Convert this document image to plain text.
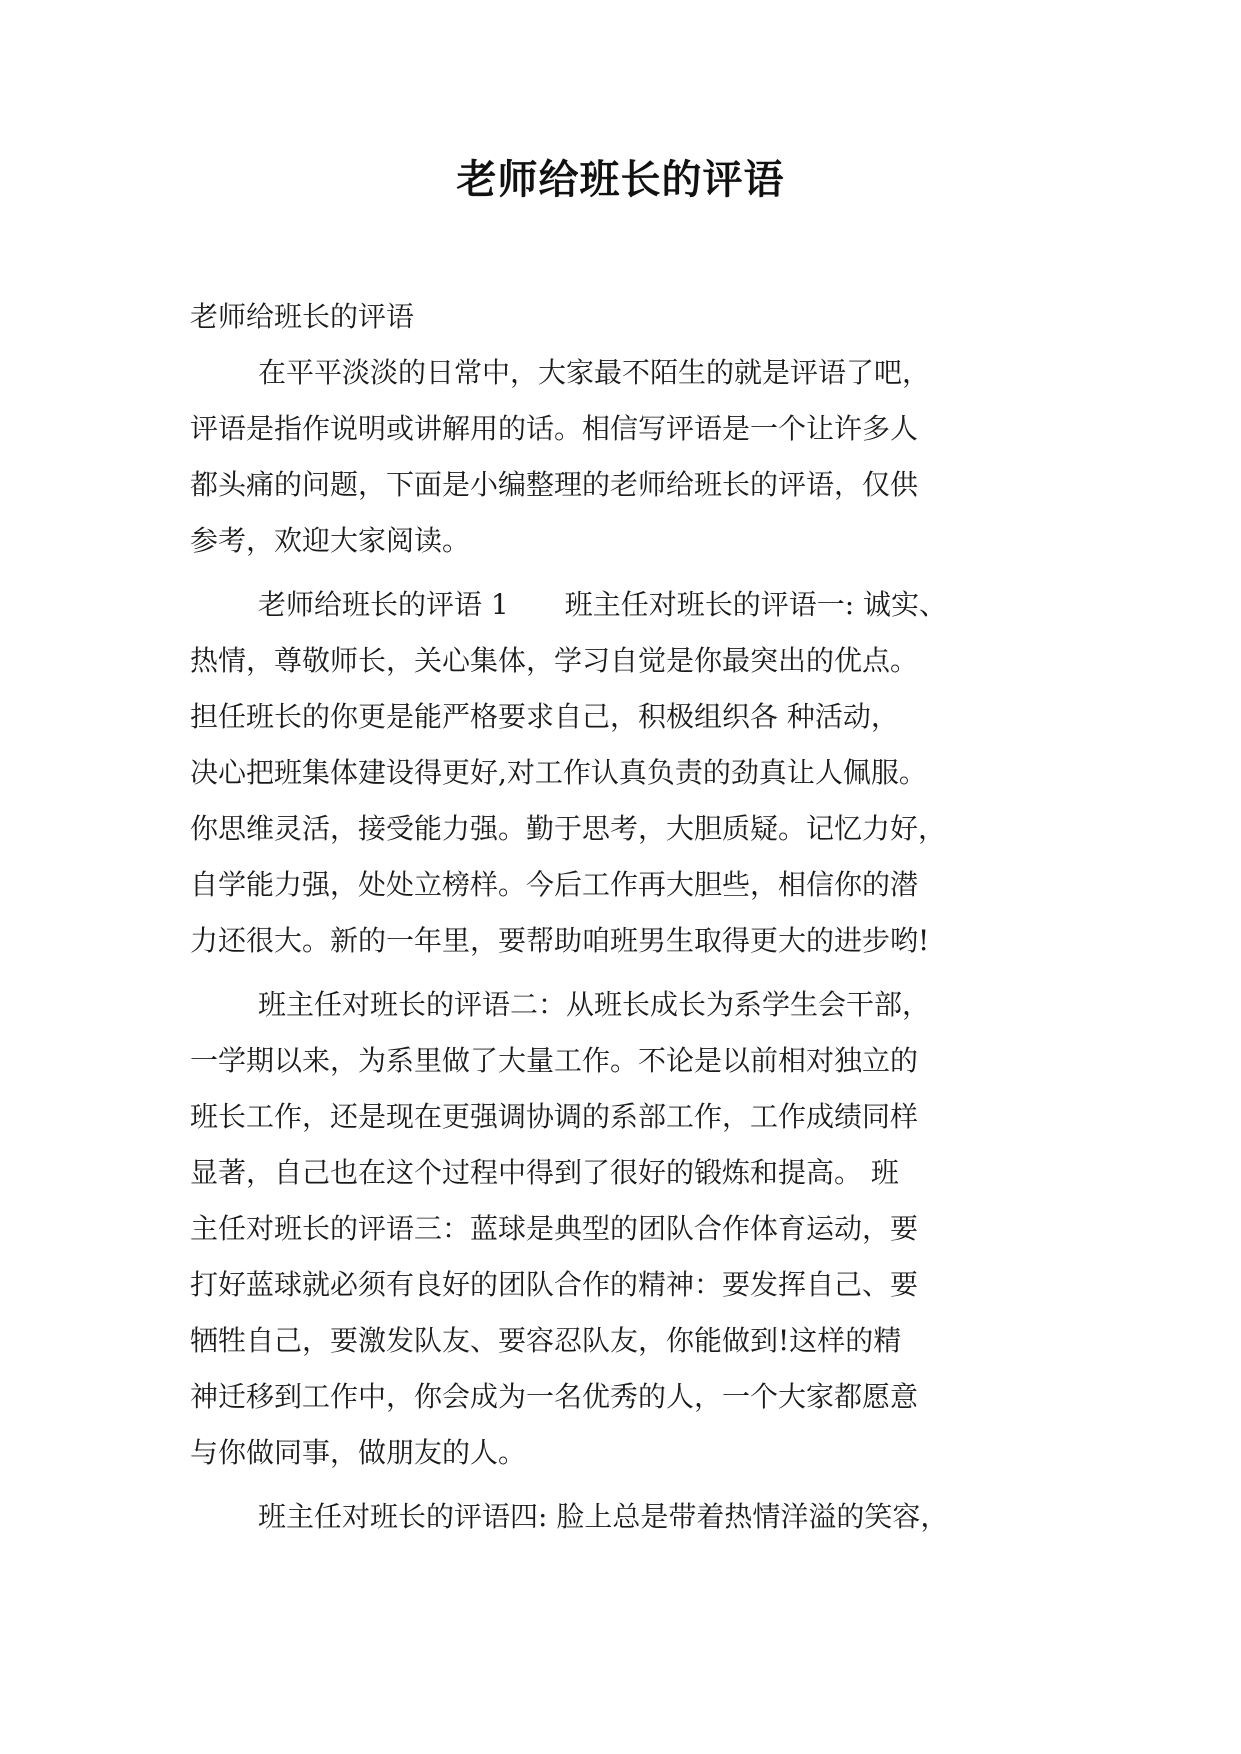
老师给班长的评语
老师给班长的评语
在平平淡淡的日常中，大家最不陌生的就是评语了吧，
评语是指作说明或讲解用的话。相信写评语是一个让许多人
都头痛的问题，下面是小编整理的老师给班长的评语，仅供
参考，欢迎大家阅读。
老师给班长的评语 1　　班主任对班长的评语一: 诚实、
热情，尊敬师长，关心集体，学习自觉是你最突出的优点。
担任班长的你更是能严格要求自己，积极组织各 种活动，
决心把班集体建设得更好,对工作认真负责的劲真让人佩服。
你思维灵活，接受能力强。勤于思考，大胆质疑。记忆力好，
自学能力强，处处立榜样。今后工作再大胆些，相信你的潜
力还很大。新的一年里，要帮助咱班男生取得更大的进步哟!
班主任对班长的评语二：从班长成长为系学生会干部，
一学期以来，为系里做了大量工作。不论是以前相对独立的
班长工作，还是现在更强调协调的系部工作，工作成绩同样
显著，自己也在这个过程中得到了很好的锻炼和提高。 班
主任对班长的评语三：蓝球是典型的团队合作体育运动，要
打好蓝球就必须有良好的团队合作的精神：要发挥自己、要
牺牲自己，要激发队友、要容忍队友，你能做到!这样的精
神迁移到工作中，你会成为一名优秀的人，一个大家都愿意
与你做同事，做朋友的人。
班主任对班长的评语四: 脸上总是带着热情洋溢的笑容，
